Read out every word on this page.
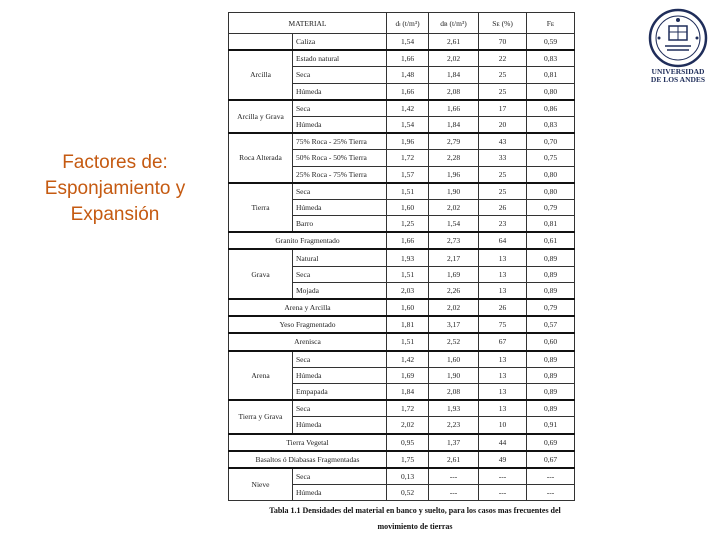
Factores de:
Esponjamiento y
Expansión
UNIVERSIDAD
DE LOS ANDES
MATERIAL		dₗ (t/m³)	dʙ (t/m³)	Sᴇ (%)	Fᴇ
	Caliza	1,54	2,61	70	0,59
Arcilla	Estado natural	1,66	2,02	22	0,83
	Seca	1,48	1,84	25	0,81
	Húmeda	1,66	2,08	25	0,80
Arcilla y Grava	Seca	1,42	1,66	17	0,86
	Húmeda	1,54	1,84	20	0,83
Roca Alterada	75% Roca - 25% Tierra	1,96	2,79	43	0,70
	50% Roca - 50% Tierra	1,72	2,28	33	0,75
	25% Roca - 75% Tierra	1,57	1,96	25	0,80
Tierra	Seca	1,51	1,90	25	0,80
	Húmeda	1,60	2,02	26	0,79
	Barro	1,25	1,54	23	0,81
Granito Fragmentado		1,66	2,73	64	0,61
Grava	Natural	1,93	2,17	13	0,89
	Seca	1,51	1,69	13	0,89
	Mojada	2,03	2,26	13	0,89
Arena y Arcilla		1,60	2,02	26	0,79
Yeso Fragmentado		1,81	3,17	75	0,57
Arenisca		1,51	2,52	67	0,60
Arena	Seca	1,42	1,60	13	0,89
	Húmeda	1,69	1,90	13	0,89
	Empapada	1,84	2,08	13	0,89
Tierra y Grava	Seca	1,72	1,93	13	0,89
	Húmeda	2,02	2,23	10	0,91
Tierra Vegetal		0,95	1,37	44	0,69
Basaltos ó Diabasas Fragmentadas		1,75	2,61	49	0,67
Nieve	Seca	0,13	---	---	---
	Húmeda	0,52	---	---	---
Tabla 1.1 Densidades del material en banco y suelto, para los casos mas frecuentes del
movimiento de tierras
